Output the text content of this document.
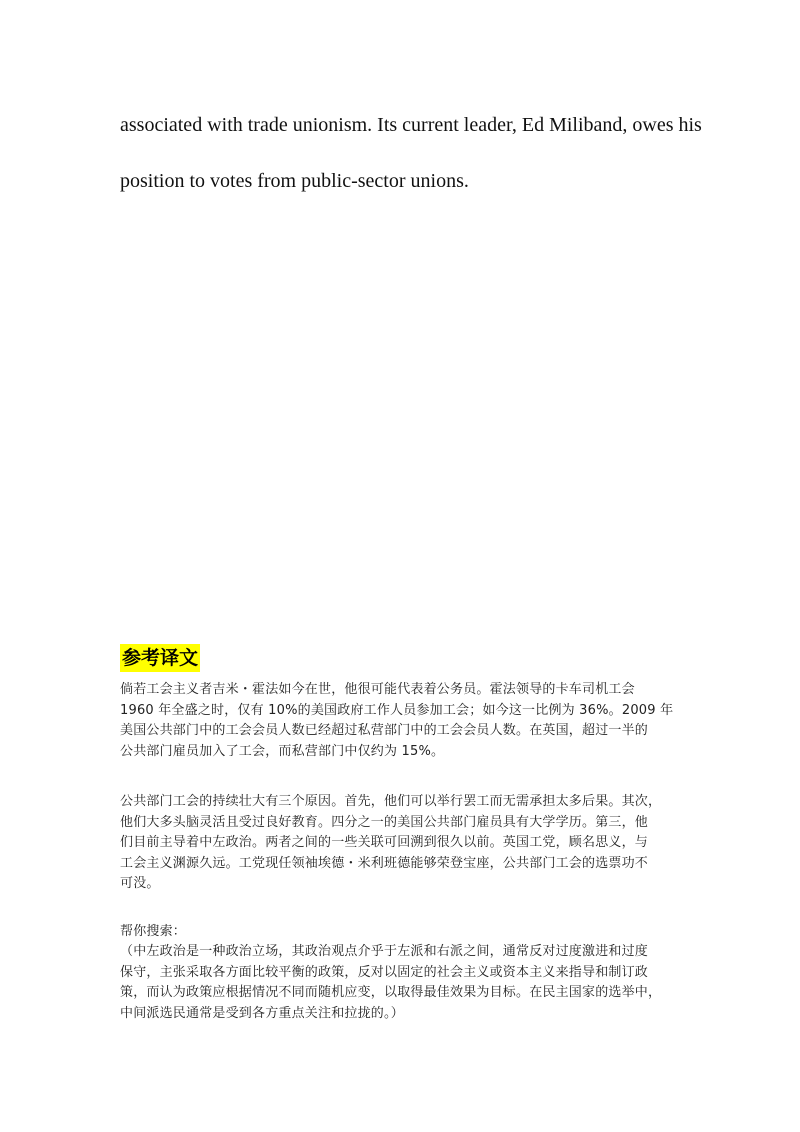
associated with trade unionism. Its current leader, Ed Miliband, owes his

position to votes from public-sector unions.

参考译文
倘若工会主义者吉米・霍法如今在世，他很可能代表着公务员。霍法领导的卡车司机工会
1960 年全盛之时，仅有 10%的美国政府工作人员参加工会；如今这一比例为 36%。2009 年
美国公共部门中的工会会员人数已经超过私营部门中的工会会员人数。在英国，超过一半的
公共部门雇员加入了工会，而私营部门中仅约为 15%。
公共部门工会的持续壮大有三个原因。首先，他们可以举行罢工而无需承担太多后果。其次，
他们大多头脑灵活且受过良好教育。四分之一的美国公共部门雇员具有大学学历。第三，他
们目前主导着中左政治。两者之间的一些关联可回溯到很久以前。英国工党，顾名思义，与
工会主义渊源久远。工党现任领袖埃德・米利班德能够荣登宝座，公共部门工会的选票功不
可没。
帮你搜索：
（中左政治是一种政治立场，其政治观点介乎于左派和右派之间，通常反对过度激进和过度
保守，主张采取各方面比较平衡的政策，反对以固定的社会主义或资本主义来指导和制订政
策，而认为政策应根据情况不同而随机应变，以取得最佳效果为目标。在民主国家的选举中，
中间派选民通常是受到各方重点关注和拉拢的。）
